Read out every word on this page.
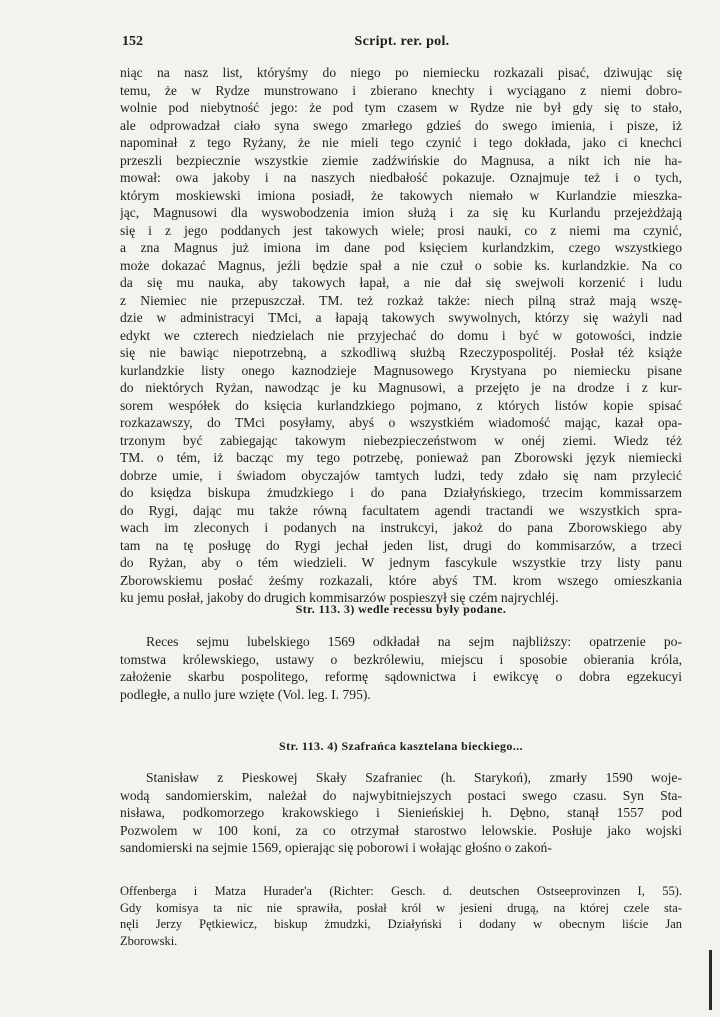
152	Script. rer. pol.
niąc na nasz list, któryśmy do niego po niemiecku rozkazali pisać, dziwując się
temu, że w Rydze munstrowano i zbierano knechty i wyciągano z niemi dobro-
wolnie pod niebytność jego: że pod tym czasem w Rydze nie był gdy się to stało,
ale odprowadzał ciało syna swego zmarłego gdzieś do swego imienia, i pisze, iż
napominał z tego Ryżany, że nie mieli tego czynić i tego dokłada, jako ci knechci
przeszli bezpiecznie wszystkie ziemie zadźwińskie do Magnusa, a nikt ich nie ha-
mował: owa jakoby i na naszych niedbałość pokazuje. Oznajmuje też i o tych,
którym moskiewski imiona posiadł, że takowych niemało w Kurlandzie mieszka-
jąc, Magnusowi dla wyswobodzenia imion służą i za się ku Kurlandu przejeżdżają
się i z jego poddanych jest takowych wiele; prosi nauki, co z niemi ma czynić,
a zna Magnus już imiona im dane pod księciem kurlandzkim, czego wszystkiego
może dokazać Magnus, jeźli będzie spał a nie czuł o sobie ks. kurlandzkie. Na co
da się mu nauka, aby takowych łapał, a nie dał się swejwoli korzenić i ludu
z Niemiec nie przepuszczał. TM. też rozkaż także: niech pilną straż mają wszę-
dzie w administracyi TMci, a łapają takowych swywolnych, którzy się ważyli nad
edykt we czterech niedzielach nie przyjechać do domu i być w gotowości, indzie
się nie bawiąc niepotrzebną, a szkodliwą służbą Rzeczypospolitéj. Posłał téż książe
kurlandzkie listy onego kaznodzieje Magnusowego Krystyana po niemiecku pisane
do niektórych Ryżan, nawodząc je ku Magnusowi, a przejęto je na drodze i z kur-
sorem wespółek do księcia kurlandzkiego pojmano, z których listów kopie spisać
rozkazawszy, do TMci posyłamy, abyś o wszystkiém wiadomość mając, kazał opa-
trzonym być zabiegając takowym niebezpieczeństwom w onéj ziemi. Wiedz téż
TM. o tém, iż bacząc my tego potrzebę, ponieważ pan Zborowski język niemiecki
dobrze umie, i świadom obyczajów tamtych ludzi, tedy zdało się nam przylecić
do księdza biskupa żmudzkiego i do pana Działyńskiego, trzecim kommissarzem
do Rygi, dając mu także równą facultatem agendi tractandi we wszystkich spra-
wach im zleconych i podanych na instrukcyi, jakoż do pana Zborowskiego aby
tam na tę posługę do Rygi jechał jeden list, drugi do kommisarzów, a trzeci
do Ryżan, aby o tém wiedzieli. W jednym fascykule wszystkie trzy listy panu
Zborowskiemu posłać żeśmy rozkazali, które abyś TM. krom wszego omieszkania
ku jemu posłał, jakoby do drugich kommisarzów pospieszył się czém najrychléj.
Str. 113. 3) wedle recessu były podane.
Reces sejmu lubelskiego 1569 odkładał na sejm najbliższy: opatrzenie po-
tomstwa królewskiego, ustawy o bezkrólewiu, miejscu i sposobie obierania króla,
założenie skarbu pospolitego, reformę sądownictwa i ewikcyę o dobra egzekucyi
podległe, a nullo jure wzięte (Vol. leg. I. 795).
Str. 113. 4) Szafrańca kasztelana bieckiego...
Stanisław z Pieskowej Skały Szafraniec (h. Starykoń), zmarły 1590 woje-
wodą sandomierskim, należał do najwybitniejszych postaci swego czasu. Syn Sta-
nisława, podkomorzego krakowskiego i Sienieńskiej h. Dębno, stanął 1557 pod
Pozwolem w 100 koni, za co otrzymał starostwo lelowskie. Posłuje jako wojski
sandomierski na sejmie 1569, opierając się poborowi i wołając głośno o zakoń-
Offenberga i Matza Hurader'a (Richter: Gesch. d. deutschen Ostseeprovinzen I, 55).
Gdy komisya ta nic nie sprawiła, posłał król w jesieni drugą, na której czele sta-
nęli Jerzy Pętkiewicz, biskup żmudzki, Działyński i dodany w obecnym liście Jan
Zborowski.
